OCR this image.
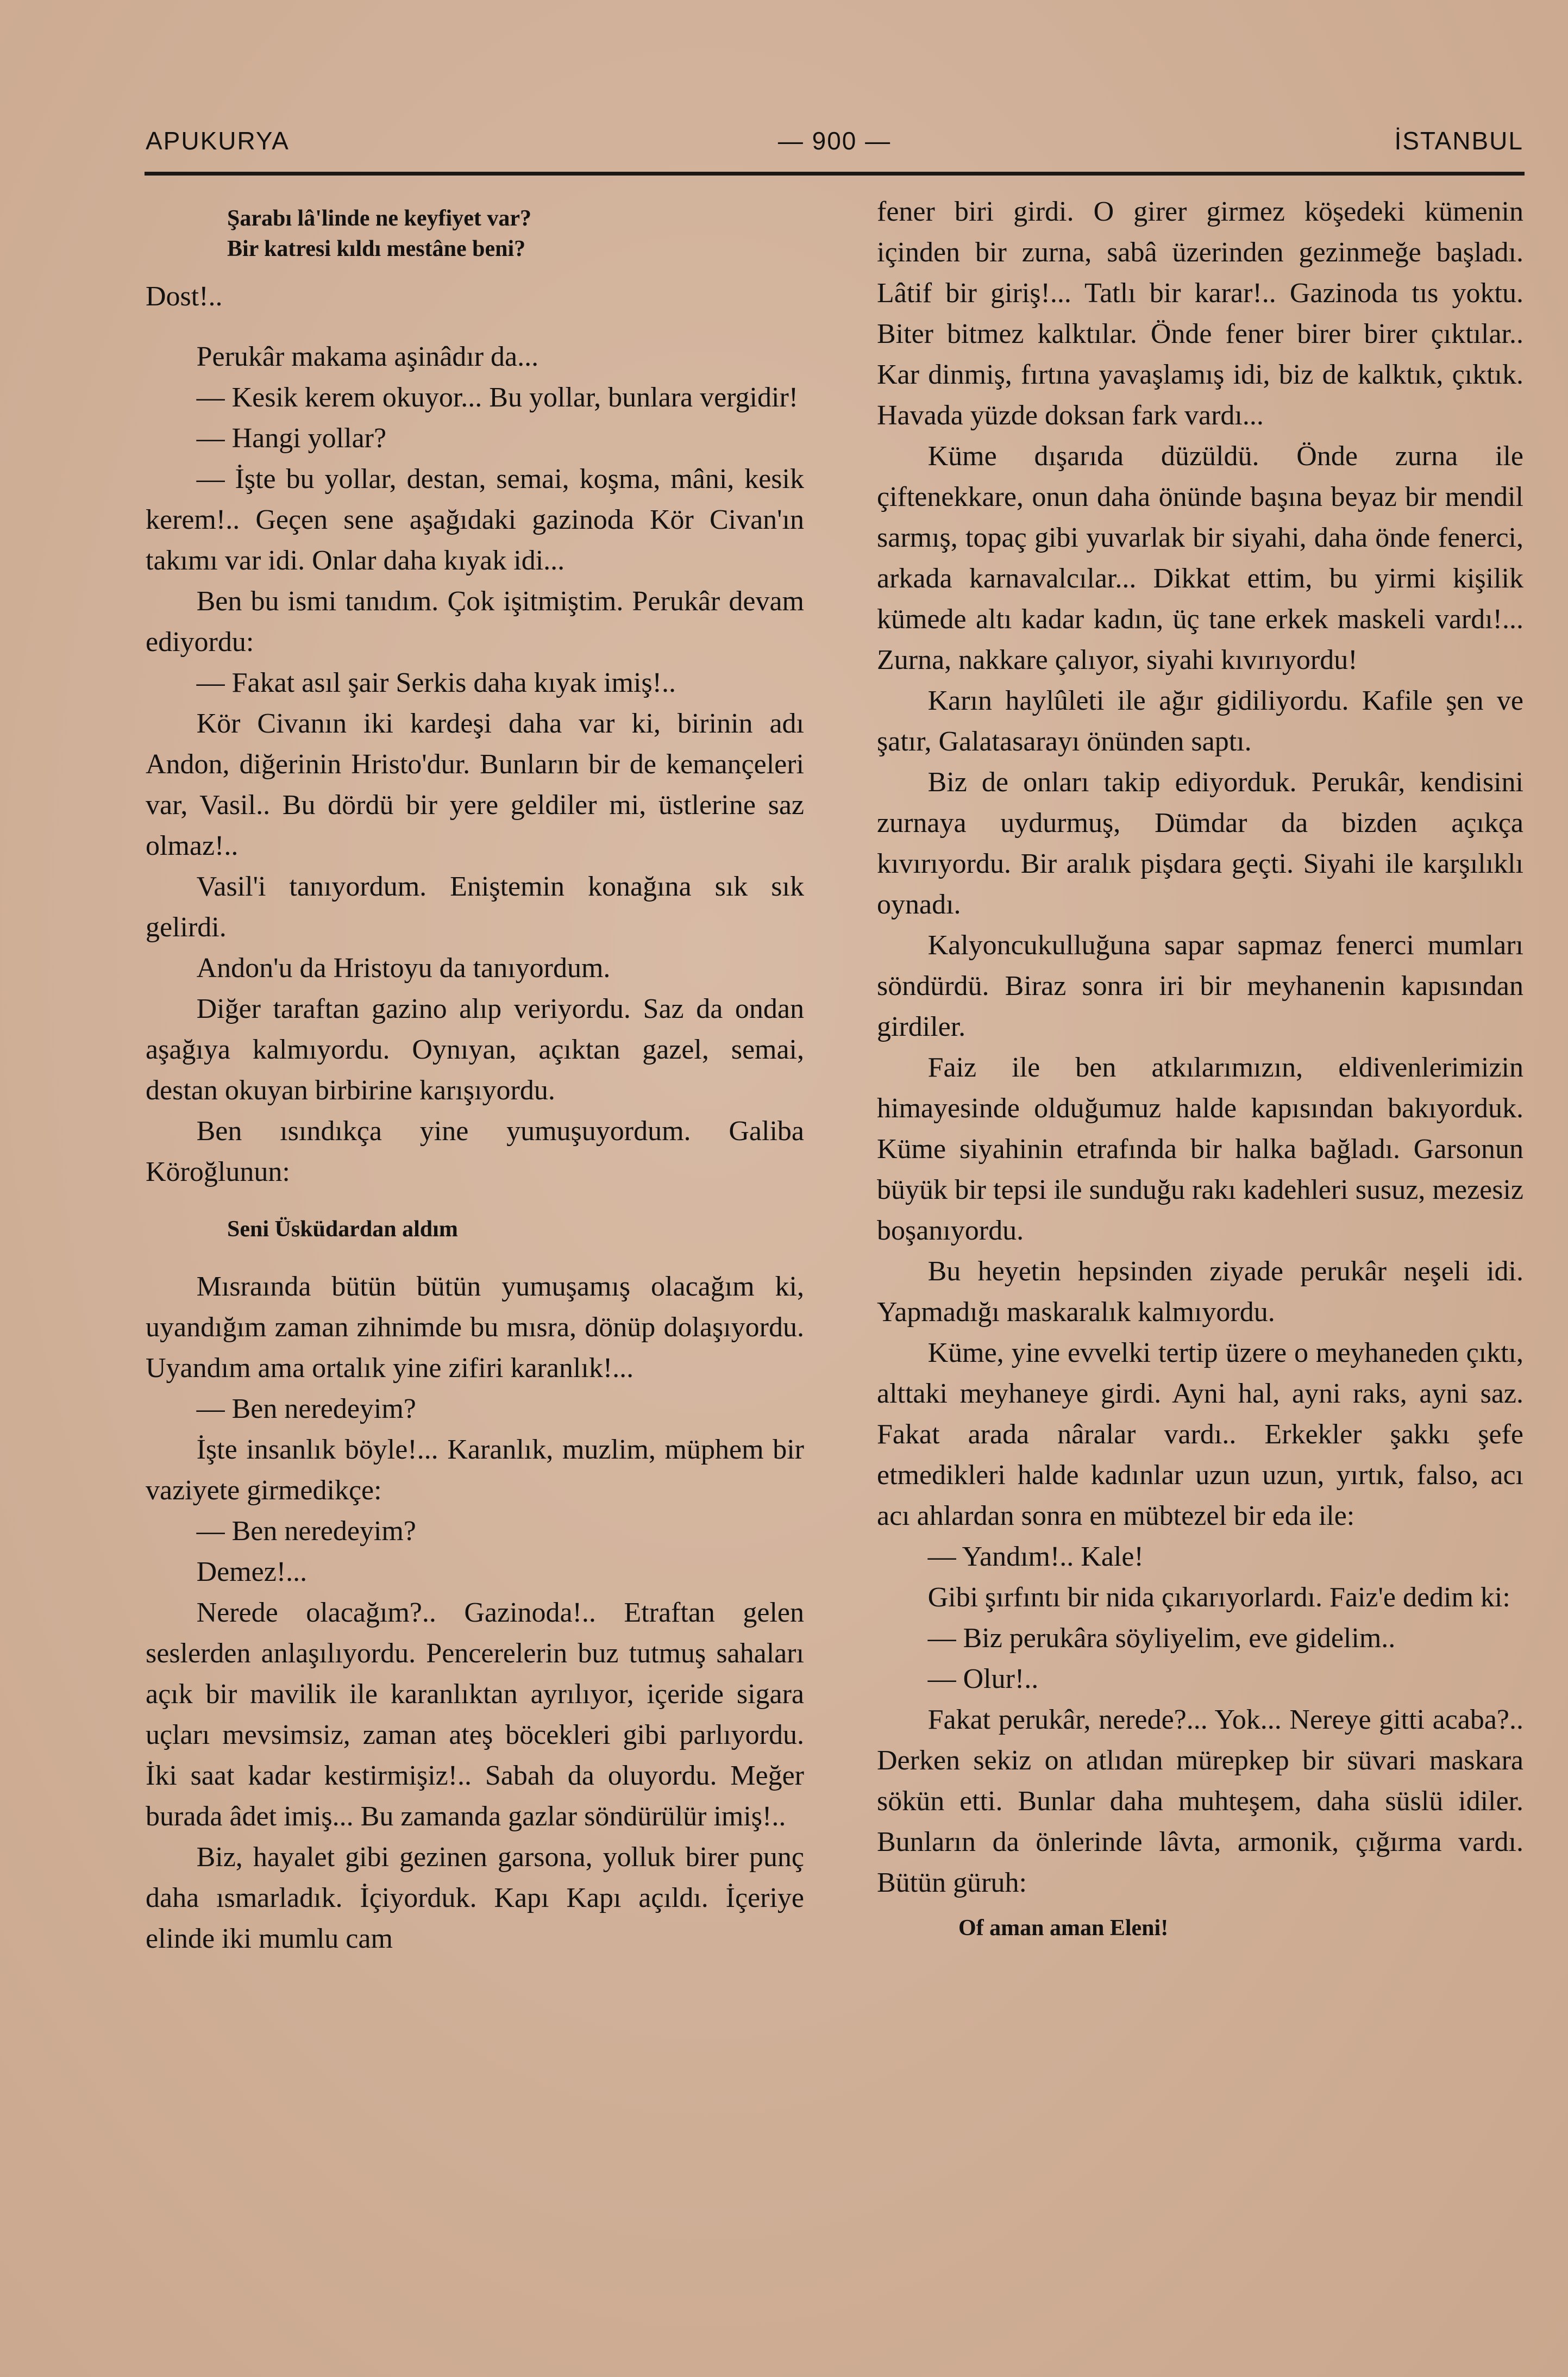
APUKURYA	— 900 —	İSTANBUL
Şarabı lâ'linde ne keyfiyet var?
Bir katresi kıldı mestâne beni?

Dost!..

Perukâr makama aşinâdır da...

— Kesik kerem okuyor... Bu yollar, bunlara vergidir!

— Hangi yollar?

— İşte bu yollar, destan, semai, koşma, mâni, kesik kerem!.. Geçen sene aşağıdaki gazinoda Kör Civan'ın takımı var idi. Onlar daha kıyak idi...

Ben bu ismi tanıdım. Çok işitmiştim. Perukâr devam ediyordu:

— Fakat asıl şair Serkis daha kıyak imiş!..

Kör Civanın iki kardeşi daha var ki, birinin adı Andon, diğerinin Hristo'dur. Bunların bir de kemançeleri var, Vasil.. Bu dördü bir yere geldiler mi, üstlerine saz olmaz!..

Vasil'i tanıyordum. Eniştemin konağına sık sık gelirdi.

Andon'u da Hristoyu da tanıyordum.

Diğer taraftan gazino alıp veriyordu. Saz da ondan aşağıya kalmıyordu. Oynıyan, açıktan gazel, semai, destan okuyan birbirine karışıyordu.

Ben ısındıkça yine yumuşuyordum. Galiba Köroğlunun:

Seni Üsküdardan aldım

Mısraında bütün bütün yumuşamış olacağım ki, uyandığım zaman zihnimde bu mısra, dönüp dolaşıyordu. Uyandım ama ortalık yine zifiri karanlık!...

— Ben neredeyim?

İşte insanlık böyle!... Karanlık, muzlim, müphem bir vaziyete girmedikçe:

— Ben neredeyim?

Demez!...

Nerede olacağım?.. Gazinoda!.. Etraftan gelen seslerden anlaşılıyordu. Pencerelerin buz tutmuş sahaları açık bir mavilik ile karanlıktan ayrılıyor, içeride sigara uçları mevsimsiz, zaman ateş böcekleri gibi parlıyordu. İki saat kadar kestirmişiz!.. Sabah da oluyordu. Meğer burada âdet imiş... Bu zamanda gazlar söndürülür imiş!..

Biz, hayalet gibi gezinen garsona, yolluk birer punç daha ısmarladık. İçiyorduk. Kapı Kapı açıldı. İçeriye elinde iki mumlu cam

fener biri girdi. O girer girmez köşedeki kümenin içinden bir zurna, sabâ üzerinden gezinmeğe başladı. Lâtif bir giriş!... Tatlı bir karar!.. Gazinoda tıs yoktu. Biter bitmez kalktılar. Önde fener birer birer çıktılar.. Kar dinmiş, fırtına yavaşlamış idi, biz de kalktık, çıktık. Havada yüzde doksan fark vardı...

Küme dışarıda düzüldü. Önde zurna ile çiftenekkare, onun daha önünde başına beyaz bir mendil sarmış, topaç gibi yuvarlak bir siyahi, daha önde fenerci, arkada karnavalcılar... Dikkat ettim, bu yirmi kişilik kümede altı kadar kadın, üç tane erkek maskeli vardı!... Zurna, nakkare çalıyor, siyahi kıvırıyordu!

Karın haylûleti ile ağır gidiliyordu. Kafile şen ve şatır, Galatasarayı önünden saptı.

Biz de onları takip ediyorduk. Perukâr, kendisini zurnaya uydurmuş, Dümdar da bizden açıkça kıvırıyordu. Bir aralık pişdara geçti. Siyahi ile karşılıklı oynadı.

Kalyoncukulluğuna sapar sapmaz fenerci mumları söndürdü. Biraz sonra iri bir meyhanenin kapısından girdiler.

Faiz ile ben atkılarımızın, eldivenlerimizin himayesinde olduğumuz halde kapısından bakıyorduk. Küme siyahinin etrafında bir halka bağladı. Garsonun büyük bir tepsi ile sunduğu rakı kadehleri susuz, mezesiz boşanıyordu.

Bu heyetin hepsinden ziyade perukâr neşeli idi. Yapmadığı maskaralık kalmıyordu.

Küme, yine evvelki tertip üzere o meyhaneden çıktı, alttaki meyhaneye girdi. Ayni hal, ayni raks, ayni saz. Fakat arada nâralar vardı.. Erkekler şakkı şefe etmedikleri halde kadınlar uzun uzun, yırtık, falso, acı acı ahlardan sonra en mübtezel bir eda ile:

— Yandım!.. Kale!

Gibi şırfıntı bir nida çıkarıyorlardı. Faiz'e dedim ki:

— Biz perukâra söyliyelim, eve gidelim..

— Olur!..

Fakat perukâr, nerede?... Yok... Nereye gitti acaba?.. Derken sekiz on atlıdan mürepkep bir süvari maskara sökün etti. Bunlar daha muhteşem, daha süslü idiler. Bunların da önlerinde lâvta, armonik, çığırma vardı. Bütün güruh:

Of aman aman Eleni!
